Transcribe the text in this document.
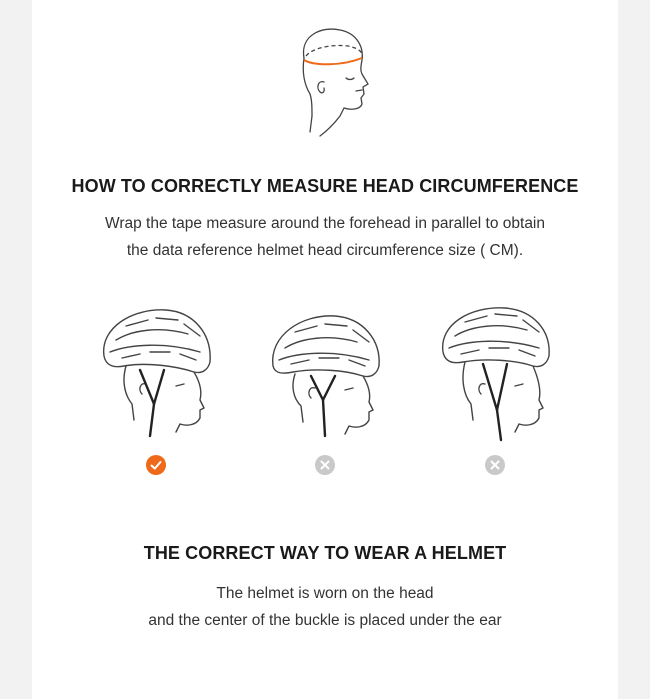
HOW TO CORRECTLY MEASURE HEAD CIRCUMFERENCE
Wrap the tape measure around the forehead in parallel to obtain
the data reference helmet head circumference size ( CM).
THE CORRECT WAY TO WEAR A HELMET
The helmet is worn on the head
and the center of the buckle is placed under the ear
